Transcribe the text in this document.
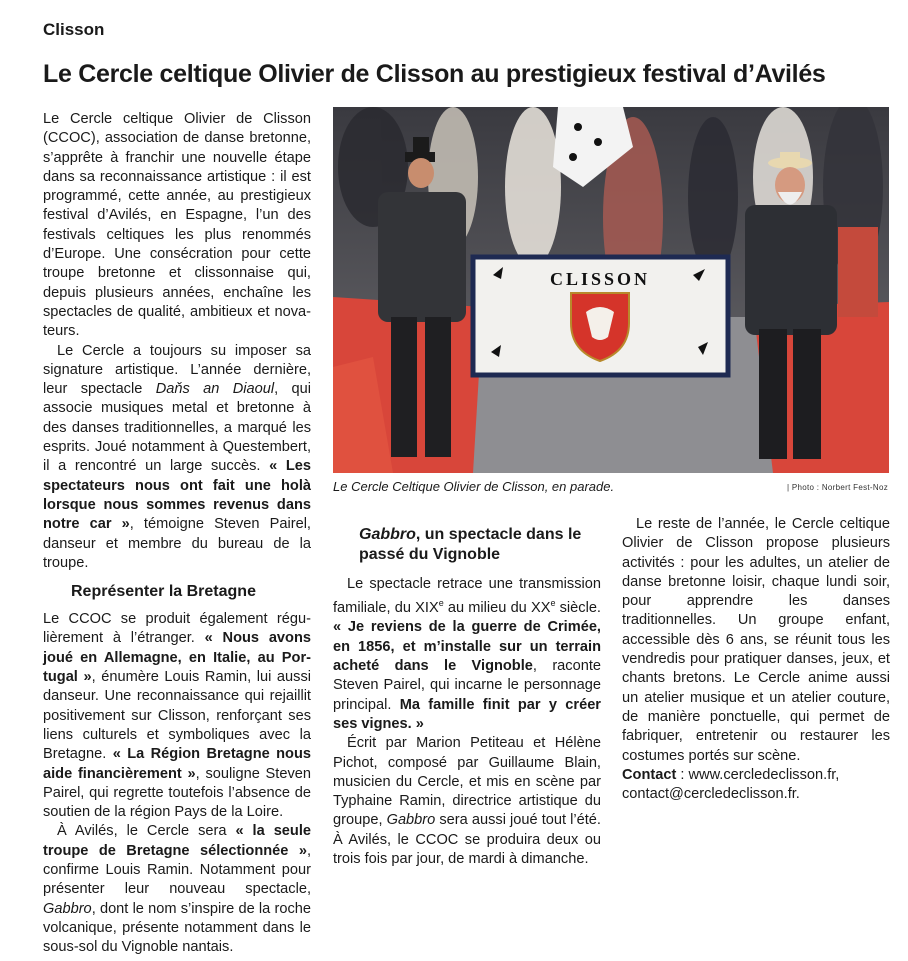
Clisson
Le Cercle celtique Olivier de Clisson au prestigieux festival d’Avilés
CLISSON
Le Cercle Celtique Olivier de Clisson, en parade.	| Photo : Norbert Fest-Noz

Le Cercle celtique Olivier de Clisson (CCOC), association de danse bretonne, s’apprête à franchir une nouvelle étape dans sa reconnaissance artistique : il est programmé, cette année, au prestigieux festival d’Avilés, en Espagne, l’un des festivals celtiques les plus renommés d’Europe. Une consécration pour cette troupe bretonne et clissonnaise qui, depuis plusieurs années, enchaîne les spectacles de qualité, ambitieux et novateurs.

Le Cercle a toujours su imposer sa signature artistique. L’année dernière, leur spectacle Daňs an Diaoul, qui associe musiques metal et bretonne à des danses traditionnelles, a marqué les esprits. Joué notamment à Questembert, il a rencontré un large succès. « Les spectateurs nous ont fait une holà lorsque nous sommes revenus dans notre car », témoigne Steven Pairel, danseur et membre du bureau de la troupe.

Représenter la Bretagne

Le CCOC se produit également régulièrement à l’étranger. « Nous avons joué en Allemagne, en Italie, au Portugal », énumère Louis Ramin, lui aussi danseur. Une reconnaissance qui rejaillit positivement sur Clisson, renforçant ses liens culturels et symboliques avec la Bretagne. « La Région Bretagne nous aide financièrement », souligne Steven Pairel, qui regrette toutefois l’absence de soutien de la région Pays de la Loire.

À Avilés, le Cercle sera « la seule troupe de Bretagne sélectionnée », confirme Louis Ramin. Notamment pour présenter leur nouveau spectacle, Gabbro, dont le nom s’inspire de la roche volcanique, présente notamment dans le sous-sol du Vignoble nantais.

Gabbro, un spectacle dans le passé du Vignoble

Le spectacle retrace une transmission familiale, du XIXe au milieu du XXe siècle. « Je reviens de la guerre de Crimée, en 1856, et m’installe sur un terrain acheté dans le Vignoble, raconte Steven Pairel, qui incarne le personnage principal. Ma famille finit par y créer ses vignes. »

Écrit par Marion Petiteau et Hélène Pichot, composé par Guillaume Blain, musicien du Cercle, et mis en scène par Typhaine Ramin, directrice artistique du groupe, Gabbro sera aussi joué tout l’été. À Avilés, le CCOC se produira deux ou trois fois par jour, de mardi à dimanche.

Le reste de l’année, le Cercle celtique Olivier de Clisson propose plusieurs activités : pour les adultes, un atelier de danse bretonne loisir, chaque lundi soir, pour apprendre les danses traditionnelles. Un groupe enfant, accessible dès 6 ans, se réunit tous les vendredis pour pratiquer danses, jeux, et chants bretons. Le Cercle anime aussi un atelier musique et un atelier couture, de manière ponctuelle, qui permet de fabriquer, entretenir ou restaurer les costumes portés sur scène.

Contact : www.cercledeclisson.fr,
contact@cercledeclisson.fr.
